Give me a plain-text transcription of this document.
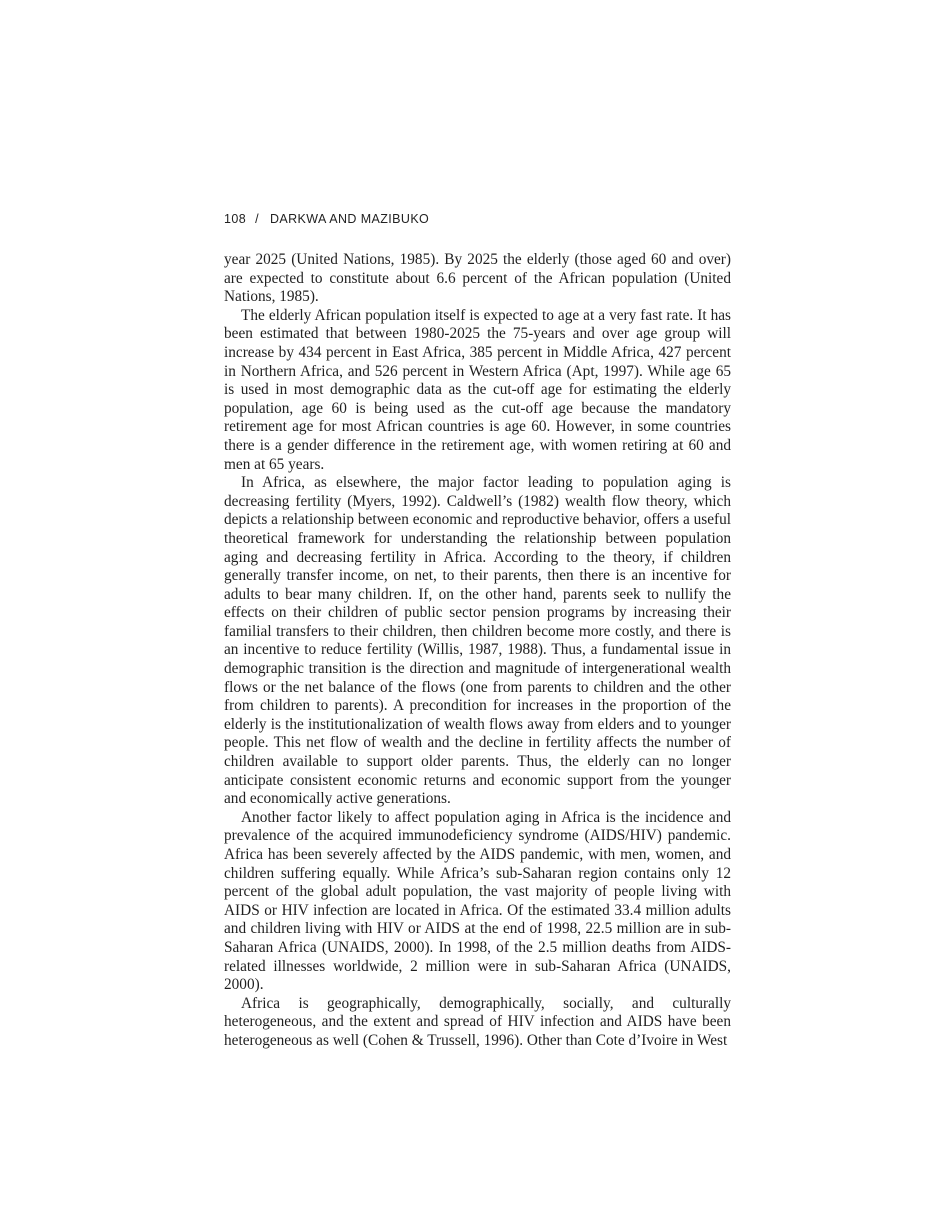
108 / DARKWA AND MAZIBUKO

year 2025 (United Nations, 1985). By 2025 the elderly (those aged 60 and over) are expected to constitute about 6.6 percent of the African population (United Nations, 1985).

The elderly African population itself is expected to age at a very fast rate. It has been estimated that between 1980-2025 the 75-years and over age group will increase by 434 percent in East Africa, 385 percent in Middle Africa, 427 percent in Northern Africa, and 526 percent in Western Africa (Apt, 1997). While age 65 is used in most demographic data as the cut-off age for estimating the elderly population, age 60 is being used as the cut-off age because the mandatory retirement age for most African countries is age 60. However, in some countries there is a gender difference in the retirement age, with women retiring at 60 and men at 65 years.

In Africa, as elsewhere, the major factor leading to population aging is decreasing fertility (Myers, 1992). Caldwell’s (1982) wealth flow theory, which depicts a relationship between economic and reproductive behavior, offers a useful theoretical framework for understanding the relationship between population aging and decreasing fertility in Africa. According to the theory, if children generally transfer income, on net, to their parents, then there is an incentive for adults to bear many children. If, on the other hand, parents seek to nullify the effects on their children of public sector pension programs by increasing their familial transfers to their children, then children become more costly, and there is an incentive to reduce fertility (Willis, 1987, 1988). Thus, a fundamental issue in demographic transition is the direction and magnitude of intergenerational wealth flows or the net balance of the flows (one from parents to children and the other from children to parents). A precondition for increases in the proportion of the elderly is the institutionalization of wealth flows away from elders and to younger people. This net flow of wealth and the decline in fertility affects the number of children available to support older parents. Thus, the elderly can no longer anticipate consistent economic returns and economic support from the younger and economically active generations.

Another factor likely to affect population aging in Africa is the incidence and prevalence of the acquired immunodeficiency syndrome (AIDS/HIV) pandemic. Africa has been severely affected by the AIDS pandemic, with men, women, and children suffering equally. While Africa’s sub-Saharan region contains only 12 percent of the global adult population, the vast majority of people living with AIDS or HIV infection are located in Africa. Of the estimated 33.4 million adults and children living with HIV or AIDS at the end of 1998, 22.5 million are in sub-Saharan Africa (UNAIDS, 2000). In 1998, of the 2.5 million deaths from AIDS-related illnesses worldwide, 2 million were in sub-Saharan Africa (UNAIDS, 2000).

Africa is geographically, demographically, socially, and culturally heterogeneous, and the extent and spread of HIV infection and AIDS have been heterogeneous as well (Cohen & Trussell, 1996). Other than Cote d’Ivoire in West
